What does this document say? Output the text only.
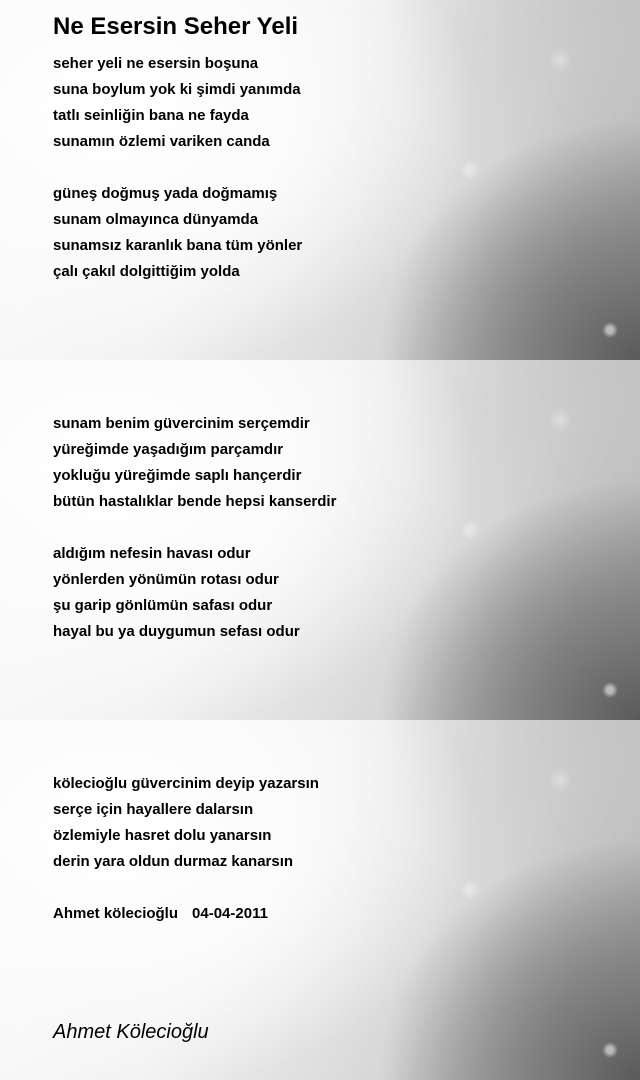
Ne Esersin Seher Yeli
seher yeli ne esersin boşuna
suna boylum yok ki şimdi yanımda
tatlı seinliğin bana ne fayda
sunamın özlemi variken canda
güneş doğmuş yada doğmamış
sunam olmayınca dünyamda
sunamsız karanlık bana tüm yönler
çalı çakıl dolgittiğim yolda
sunam benim güvercinim serçemdir
yüreğimde yaşadığım parçamdır
yokluğu yüreğimde saplı hançerdir
bütün hastalıklar bende hepsi kanserdir
aldığım nefesin havası odur
yönlerden yönümün rotası odur
şu garip gönlümün safası odur
hayal bu ya duygumun sefası odur
kölecioğlu güvercinim deyip yazarsın
serçe için hayallere dalarsın
özlemiyle hasret dolu yanarsın
derin yara oldun durmaz kanarsın

Ahmet kölecioğlu 04-04-2011

Ahmet Kölecioğlu
